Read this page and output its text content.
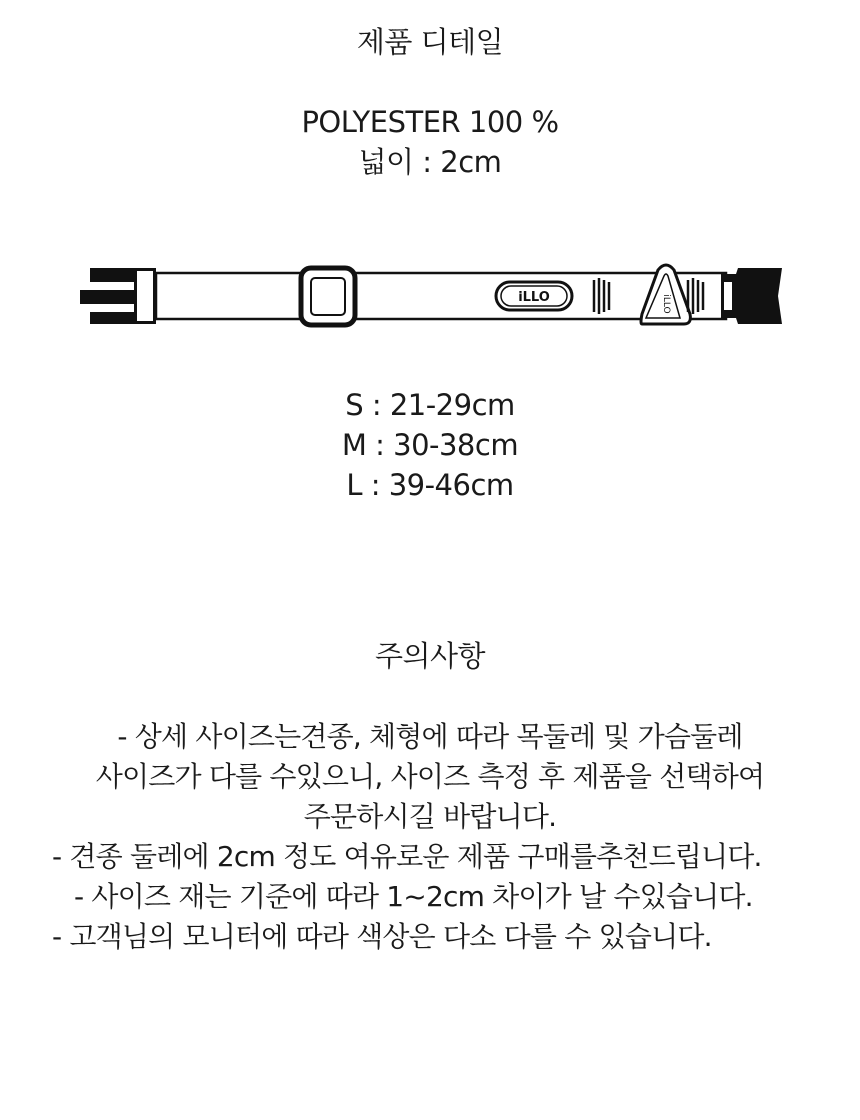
제품 디테일
POLYESTER 100 %
넓이 : 2cm
iLLO	iLLO
S : 21-29cm
M : 30-38cm
L : 39-46cm
주의사항
- 상세 사이즈는견종, 체형에 따라 목둘레 및 가슴둘레
사이즈가 다를 수있으니, 사이즈 측정 후 제품을 선택하여
주문하시길 바랍니다.
- 견종 둘레에 2cm 정도 여유로운 제품 구매를추천드립니다.
- 사이즈 재는 기준에 따라 1~2cm 차이가 날 수있습니다.
- 고객님의 모니터에 따라 색상은 다소 다를 수 있습니다.
